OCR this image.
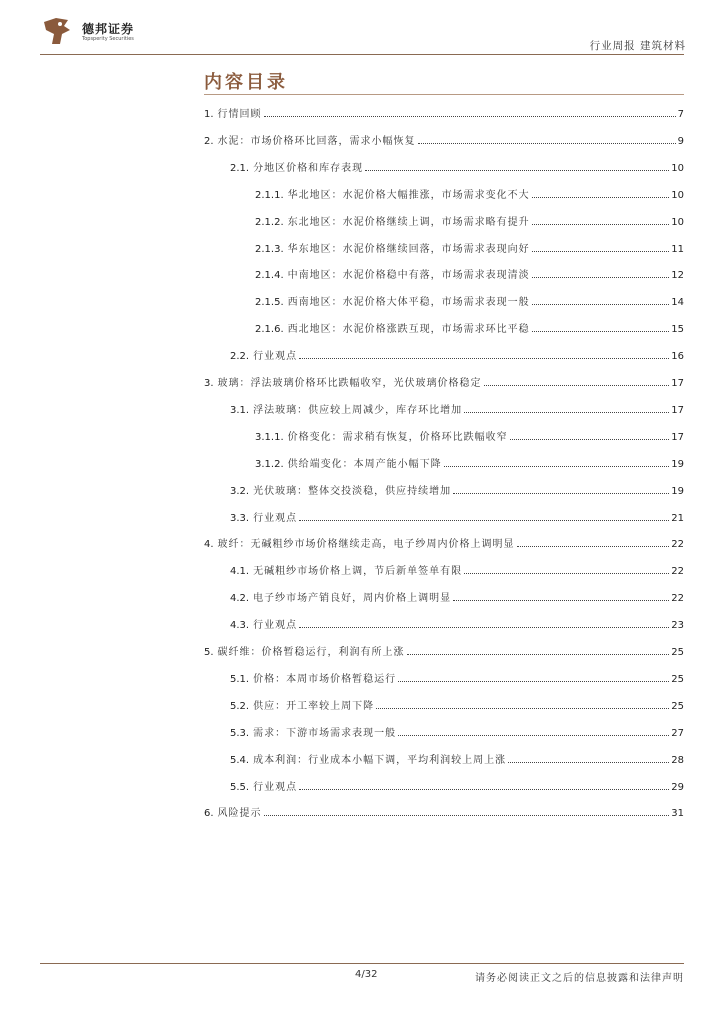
德邦证券
Topsperity Securities
行业周报 建筑材料
内容目录
1. 行情回顾	7
2. 水泥：市场价格环比回落，需求小幅恢复	9
2.1. 分地区价格和库存表现	10
2.1.1. 华北地区：水泥价格大幅推涨，市场需求变化不大	10
2.1.2. 东北地区：水泥价格继续上调，市场需求略有提升	10
2.1.3. 华东地区：水泥价格继续回落，市场需求表现向好	11
2.1.4. 中南地区：水泥价格稳中有落，市场需求表现清淡	12
2.1.5. 西南地区：水泥价格大体平稳，市场需求表现一般	14
2.1.6. 西北地区：水泥价格涨跌互现，市场需求环比平稳	15
2.2. 行业观点	16
3. 玻璃：浮法玻璃价格环比跌幅收窄，光伏玻璃价格稳定	17
3.1. 浮法玻璃：供应较上周减少，库存环比增加	17
3.1.1. 价格变化：需求稍有恢复，价格环比跌幅收窄	17
3.1.2. 供给端变化：本周产能小幅下降	19
3.2. 光伏玻璃：整体交投淡稳，供应持续增加	19
3.3. 行业观点	21
4. 玻纤：无碱粗纱市场价格继续走高，电子纱周内价格上调明显	22
4.1. 无碱粗纱市场价格上调，节后新单签单有限	22
4.2. 电子纱市场产销良好，周内价格上调明显	22
4.3. 行业观点	23
5. 碳纤维：价格暂稳运行，利润有所上涨	25
5.1. 价格：本周市场价格暂稳运行	25
5.2. 供应：开工率较上周下降	25
5.3. 需求：下游市场需求表现一般	27
5.4. 成本利润：行业成本小幅下调，平均利润较上周上涨	28
5.5. 行业观点	29
6. 风险提示	31
4/32	请务必阅读正文之后的信息披露和法律声明
